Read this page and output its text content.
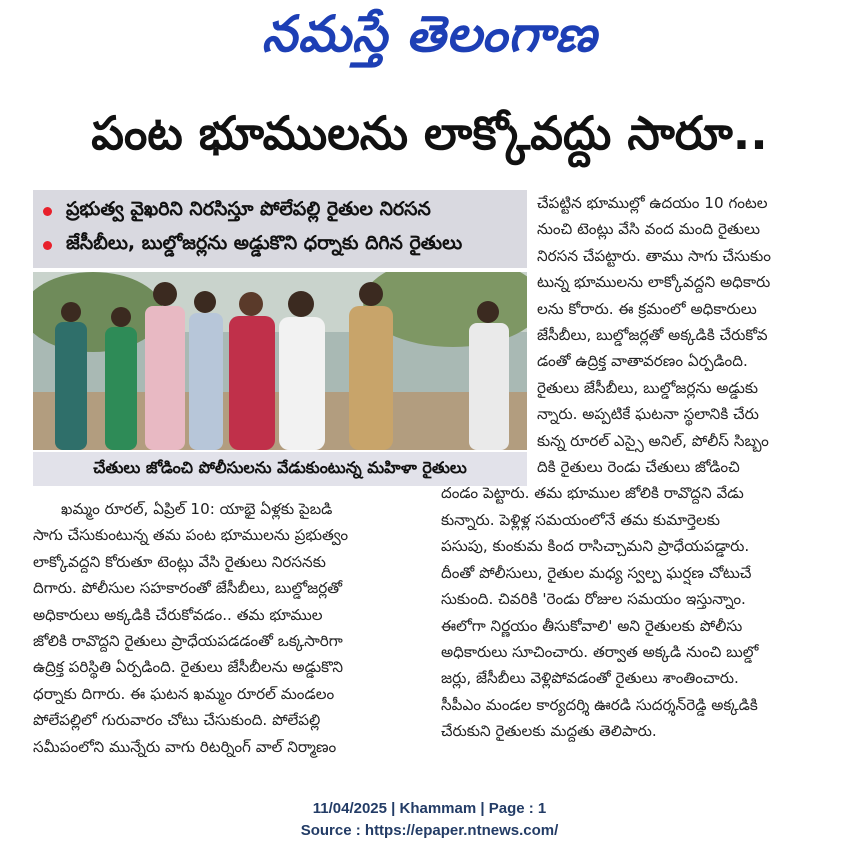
నమస్తే తెలంగాణ
పంట భూములను లాక్కోవద్దు సారూ..
ప్రభుత్వ వైఖరిని నిరసిస్తూ పోలేపల్లి రైతుల నిరసన
జేసీబీలు, బుల్డోజర్లను అడ్డుకొని ధర్నాకు దిగిన రైతులు
చేతులు జోడించి పోలీసులను వేడుకుంటున్న మహిళా రైతులు

ఖమ్మం రూరల్, ఏప్రిల్ 10: యాభై ఏళ్లకు పైబడి

సాగు చేసుకుంటున్న తమ పంట భూములను ప్రభుత్వం

లాక్కోవద్దని కోరుతూ టెంట్లు వేసి రైతులు నిరసనకు

దిగారు. పోలీసుల సహకారంతో జేసీబీలు, బుల్డోజర్లతో

అధికారులు అక్కడికి చేరుకోవడం.. తమ భూముల

జోలికి రావొద్దని రైతులు ప్రాధేయపడడంతో ఒక్కసారిగా

ఉద్రిక్త పరిస్థితి ఏర్పడింది. రైతులు జేసీబీలను అడ్డుకొని

ధర్నాకు దిగారు. ఈ ఘటన ఖమ్మం రూరల్ మండలం

పోలేపల్లిలో గురువారం చోటు చేసుకుంది. పోలేపల్లి

సమీపంలోని మున్నేరు వాగు రిటర్నింగ్ వాల్ నిర్మాణం

చేపట్టిన భూముల్లో ఉదయం 10 గంటల

నుంచి టెంట్లు వేసి వంద మంది రైతులు

నిరసన చేపట్టారు. తాము సాగు చేసుకుం

టున్న భూములను లాక్కోవద్దని అధికారు

లను కోరారు. ఈ క్రమంలో అధికారులు

జేసీబీలు, బుల్డోజర్లతో అక్కడికి చేరుకోవ

డంతో ఉద్రిక్త వాతావరణం ఏర్పడింది.

రైతులు జేసీబీలు, బుల్డోజర్లను అడ్డుకు

న్నారు. అప్పటికే ఘటనా స్థలానికి చేరు

కున్న రూరల్ ఎస్సై అనిల్, పోలీస్ సిబ్బం

దికి రైతులు రెండు చేతులు జోడించి

దండం పెట్టారు. తమ భూముల జోలికి రావొద్దని వేడు

కున్నారు. పెళ్లిళ్ల సమయంలోనే తమ కుమార్తెలకు

పసుపు, కుంకుమ కింద రాసిచ్చామని ప్రాధేయపడ్డారు.

దీంతో పోలీసులు, రైతుల మధ్య స్వల్ప ఘర్షణ చోటుచే

సుకుంది. చివరికి 'రెండు రోజుల సమయం ఇస్తున్నాం.

ఈలోగా నిర్ణయం తీసుకోవాలి' అని రైతులకు పోలీసు

అధికారులు సూచించారు. తర్వాత అక్కడి నుంచి బుల్డో

జర్లు, జేసీబీలు వెళ్లిపోవడంతో రైతులు శాంతించారు.

సీపీఎం మండల కార్యదర్శి ఊరడి సుదర్శన్‌రెడ్డి అక్కడికి

చేరుకుని రైతులకు మద్దతు తెలిపారు.

11/04/2025 | Khammam | Page : 1
Source : https://epaper.ntnews.com/
